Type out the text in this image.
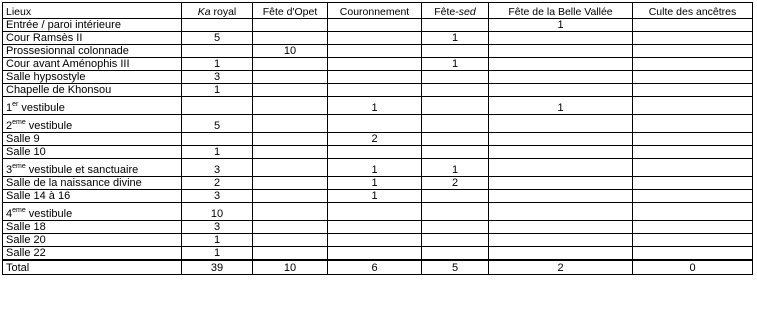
Lieux	Ka royal	Fête d'Opet	Couronnement	Fête-sed	Fête de la Belle Vallée	Culte des ancêtres
Entrée / paroi intérieure					1	
Cour Ramsès II	5			1		
Prossesionnal colonnade		10				
Cour avant Aménophis III	1			1		
Salle hypsostyle	3					
Chapelle de Khonsou	1					
1er vestibule			1		1	
2eme vestibule	5					
Salle 9			2			
Salle 10	1					
3eme vestibule et sanctuaire	3		1	1		
Salle de la naissance divine	2		1	2		
Salle 14 à 16	3		1			
4eme vestibule	10					
Salle 18	3					
Salle 20	1					
Salle 22	1					
Total	39	10	6	5	2	0
